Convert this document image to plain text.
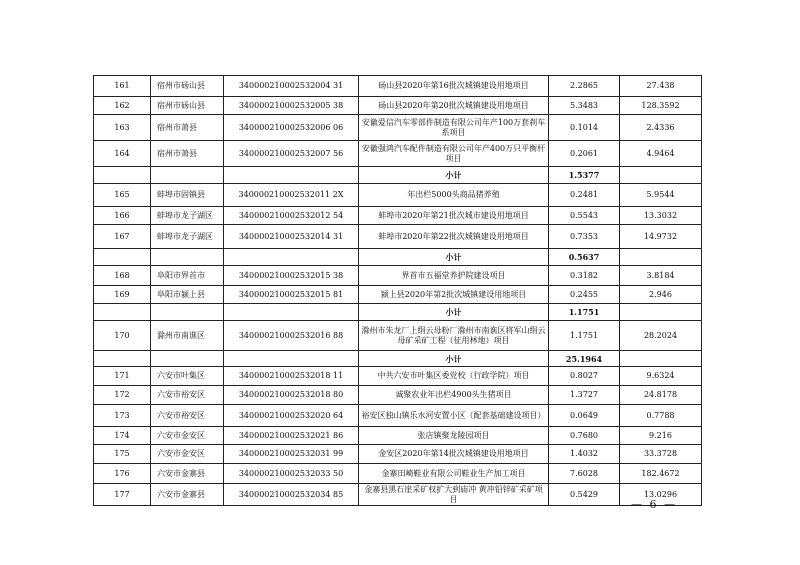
161	宿州市砀山县	340000210002532004 31	砀山县2020年第16批次城镇建设用地项目	2.2865	27.438
162	宿州市砀山县	340000210002532005 38	砀山县2020年第20批次城镇建设用地项目	5.3483	128.3592
163	宿州市萧县	340000210002532006 06	安徽爱信汽车零部件制造有限公司年产100万套刹车系项目	0.1014	2.4336
164	宿州市萧县	340000210002532007 56	安徽强鸿汽车配件制造有限公司年产400万只平衡杆项目	0.2061	4.9464
			小计	1.5377	
165	蚌埠市固镇县	340000210002532011 2X	年出栏5000头商品猪养殖	0.2481	5.9544
166	蚌埠市龙子湖区	340000210002532012 54	蚌埠市2020年第21批次城市建设用地项目	0.5543	13.3032
167	蚌埠市龙子湖区	340000210002532014 31	蚌埠市2020年第22批次城镇建设用地项目	0.7353	14.9732
			小计	0.5637	
168	阜阳市界首市	340000210002532015 38	界首市五福堂养护院建设项目	0.3182	3.8184
169	阜阳市颍上县	340000210002532015 81	颍上县2020年第2批次城镇建设用地项目	0.2455	2.946
			小计	1.1751	
170	滁州市南谯区	340000210002532016 88	滁州市朱龙厂上绢云母粉厂滁州市南谯区将军山绢云母矿采矿工程（征用林地）项目	1.1751	28.2024
			小计	25.1964	
171	六安市叶集区	340000210002532018 11	中共六安市叶集区委党校（行政学院）项目	0.8027	9.6324
172	六安市裕安区	340000210002532018 80	诚聚农业年出栏4900头生猪项目	1.3727	24.8178
173	六安市裕安区	340000210002532020 64	裕安区独山镇乐水河安置小区（配套基础建设项目）	0.0649	0.7788
174	六安市金安区	340000210002532021 86	张店镇聚龙陵园项目	0.7680	9.216
175	六安市金安区	340000210002532031 99	金安区2020年第14批次城镇建设用地项目	1.4032	33.3728
176	六安市金寨县	340000210002532033 50	金寨田崎鞋业有限公司鞋业生产加工项目	7.6028	182.4672
177	六安市金寨县	340000210002532034 85	金寨县黑石崖采矿权扩大到庙冲 黄冲铅锌矿采矿项目	0.5429	13.0296
— 6 —
